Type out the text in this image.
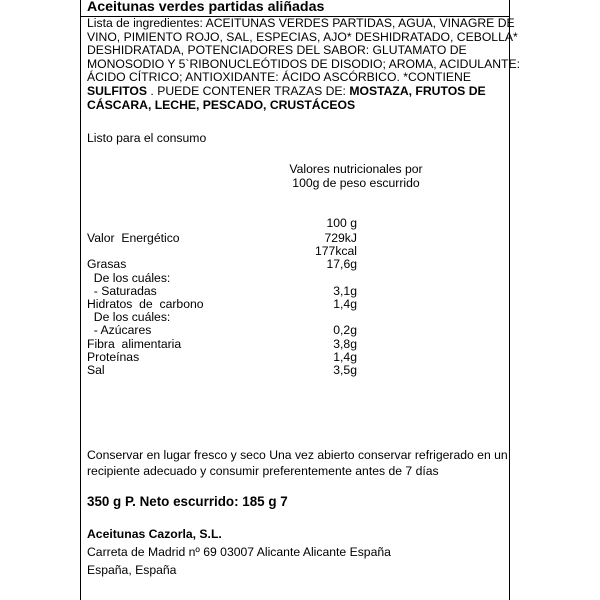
Aceitunas verdes partidas aliñadas
Lista de ingredientes: ACEITUNAS VERDES PARTIDAS, AGUA, VINAGRE DE
VINO, PIMIENTO ROJO, SAL, ESPECIAS, AJO* DESHIDRATADO, CEBOLLA*
DESHIDRATADA, POTENCIADORES DEL SABOR: GLUTAMATO DE
MONOSODIO Y 5`RIBONUCLEÓTIDOS DE DISODIO; AROMA, ACIDULANTE:
ÁCIDO CÍTRICO; ANTIOXIDANTE: ÁCIDO ASCÓRBICO. *CONTIENE
SULFITOS . PUEDE CONTENER TRAZAS DE: MOSTAZA, FRUTOS DE
CÁSCARA, LECHE, PESCADO, CRUSTÁCEOS
Listo para el consumo
Valores nutricionales por
100g de peso escurrido
100 g
Valor  Energético	729kJ
177kcal
Grasas	17,6g
De los cuáles:
- Saturadas	3,1g
Hidratos  de  carbono	1,4g
De los cuáles:
- Azúcares	0,2g
Fibra  alimentaria	3,8g
Proteínas	1,4g
Sal	3,5g
Conservar en lugar fresco y seco Una vez abierto conservar refrigerado en un
recipiente adecuado y consumir preferentemente antes de 7 días
350 g P. Neto escurrido: 185 g 7
Aceitunas Cazorla, S.L.
Carreta de Madrid nº 69 03007 Alicante Alicante España
España, España
